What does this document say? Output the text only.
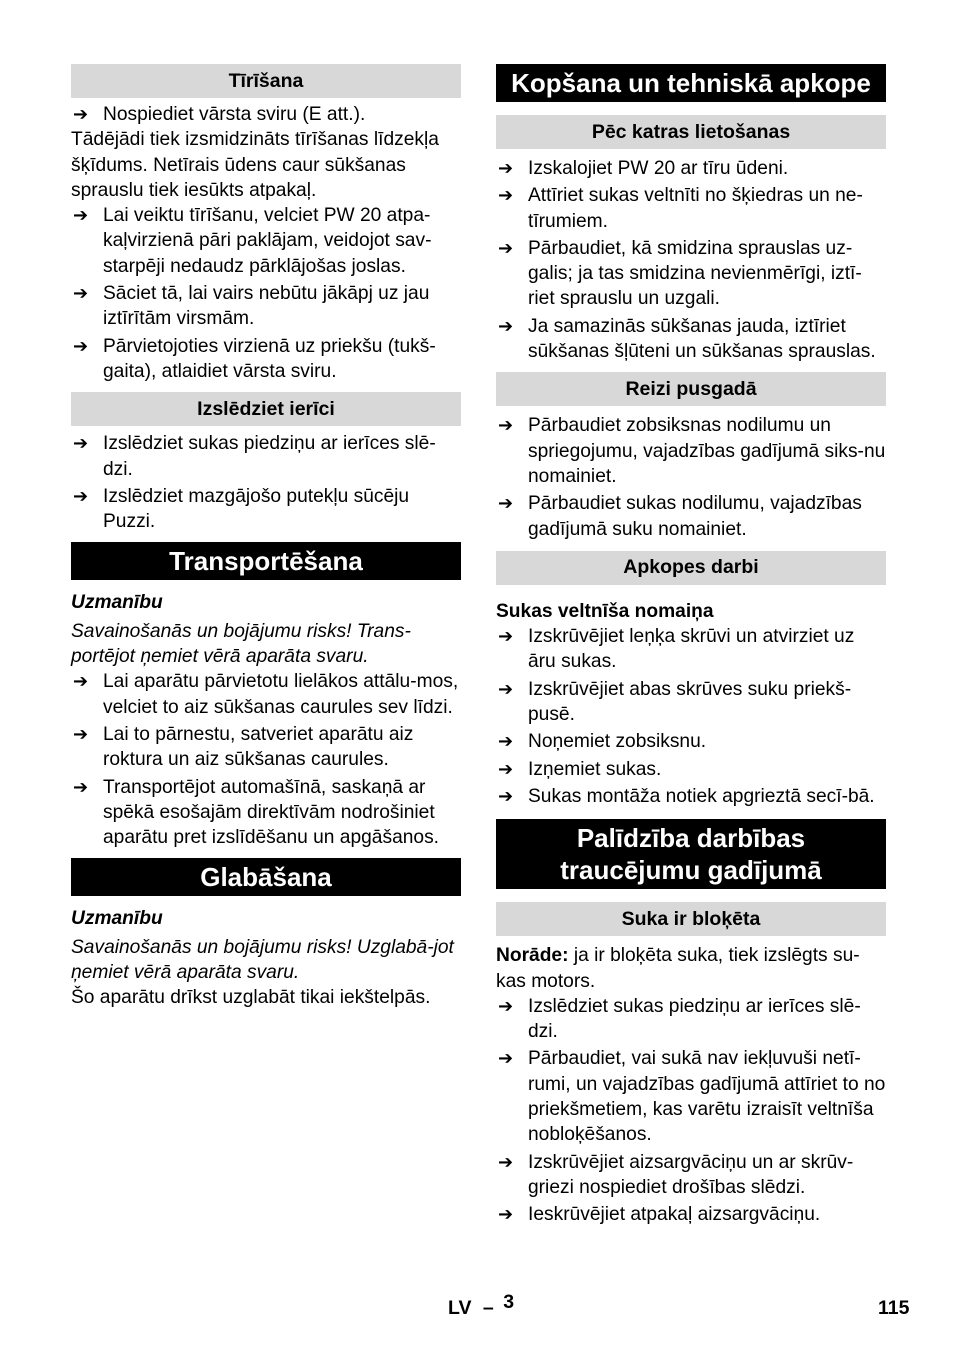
Tīrīšana
➔ Nospiediet vārsta sviru (E att.).

Tādējādi tiek izsmidzināts tīrīšanas līdzekļa šķīdums. Netīrais ūdens caur sūkšanas sprauslu tiek iesūkts atpakaļ.

➔ Lai veiktu tīrīšanu, velciet PW 20 atpa-kaļvirzienā pāri paklājam, veidojot sav-starpēji nedaudz pārklājošas joslas.
➔ Sāciet tā, lai vairs nebūtu jākāpj uz jau iztīrītām virsmām.
➔ Pārvietojoties virzienā uz priekšu (tukš-gaita), atlaidiet vārsta sviru.
Izslēdziet ierīci
➔ Izslēdziet sukas piedziņu ar ierīces slē-dzi.
➔ Izslēdziet mazgājošo putekļu sūcēju Puzzi.
Transportēšana

Uzmanību

Savainošanās un bojājumu risks! Trans-portējot ņemiet vērā aparāta svaru.

➔ Lai aparātu pārvietotu lielākos attālu-mos, velciet to aiz sūkšanas caurules sev līdzi.
➔ Lai to pārnestu, satveriet aparātu aiz roktura un aiz sūkšanas caurules.
➔ Transportējot automašīnā, saskaņā ar spēkā esošajām direktīvām nodrošiniet aparātu pret izslīdēšanu un apgāšanos.
Glabāšana

Uzmanību

Savainošanās un bojājumu risks! Uzglabā-jot ņemiet vērā aparāta svaru.

Šo aparātu drīkst uzglabāt tikai iekštelpās.

Kopšana un tehniskā apkope
Pēc katras lietošanas
➔ Izskalojiet PW 20 ar tīru ūdeni.
➔ Attīriet sukas veltnīti no šķiedras un ne-tīrumiem.
➔ Pārbaudiet, kā smidzina sprauslas uz-galis; ja tas smidzina nevienmērīgi, iztī-riet sprauslu un uzgali.
➔ Ja samazinās sūkšanas jauda, iztīriet sūkšanas šļūteni un sūkšanas sprauslas.
Reizi pusgadā
➔ Pārbaudiet zobsiksnas nodilumu un spriegojumu, vajadzības gadījumā siks-nu nomainiet.
➔ Pārbaudiet sukas nodilumu, vajadzības gadījumā suku nomainiet.
Apkopes darbi

Sukas veltnīša nomaiņa

➔ Izskrūvējiet leņķa skrūvi un atvirziet uz āru sukas.
➔ Izskrūvējiet abas skrūves suku priekš-pusē.
➔ Noņemiet zobsiksnu.
➔ Izņemiet sukas.
➔ Sukas montāža notiek apgrieztā secī-bā.
Palīdzība darbības
traucējumu gadījumā
Suka ir bloķēta

Norāde: ja ir bloķēta suka, tiek izslēgts su-kas motors.

➔ Izslēdziet sukas piedziņu ar ierīces slē-dzi.
➔ Pārbaudiet, vai sukā nav iekļuvuši netī-rumi, un vajadzības gadījumā attīriet to no priekšmetiem, kas varētu izraisīt veltnīša nobloķēšanos.
➔ Izskrūvējiet aizsargvāciņu un ar skrūv-griezi nospiediet drošības slēdzi.
➔ Ieskrūvējiet atpakaļ aizsargvāciņu.
LV – 3	115
